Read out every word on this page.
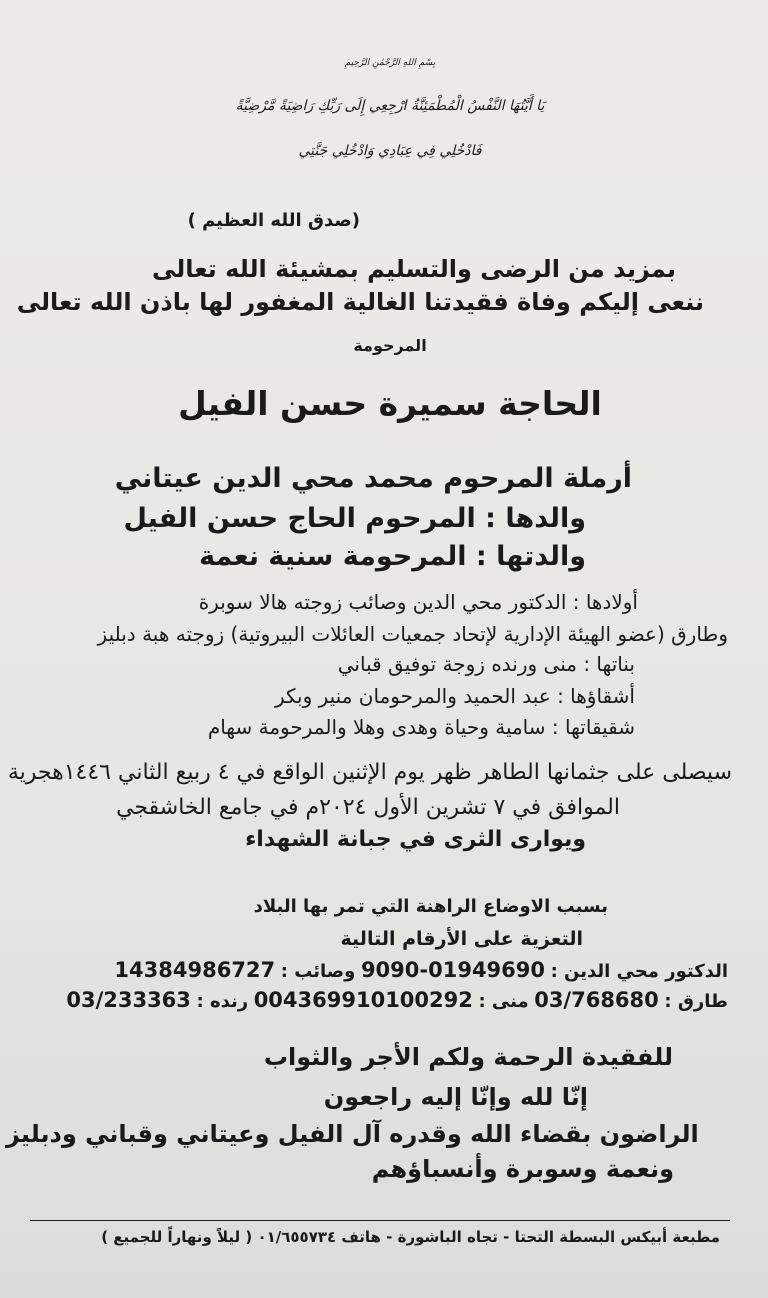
بِسْمِ اللهِ الرَّحْمٰنِ الرَّحِيمِ
يَا أَيَّتُهَا النَّفْسُ الْمُطْمَئِنَّةُ ارْجِعِي إِلَى رَبِّكِ رَاضِيَةً مَّرْضِيَّةً
فَادْخُلِي فِي عِبَادِي وَادْخُلِي جَنَّتِي
(صدق الله العظيم )
بمزيد من الرضى والتسليم بمشيئة الله تعالى
ننعى إليكم وفاة فقيدتنا الغالية المغفور لها باذن الله تعالى
المرحومة
الحاجة سميرة حسن الفيل
أرملة المرحوم محمد محي الدين عيتاني
والدها : المرحوم الحاج حسن الفيل
والدتها : المرحومة سنية نعمة
أولادها : الدكتور محي الدين وصائب زوجته هالا سوبرة
وطارق (عضو الهيئة الإدارية لإتحاد جمعيات العائلات البيروتية) زوجته هبة دبليز
بناتها : منى ورنده زوجة توفيق قباني
أشقاؤها : عبد الحميد والمرحومان منير وبكر
شقيقاتها : سامية وحياة وهدى وهلا والمرحومة سهام
سيصلى على جثمانها الطاهر ظهر يوم الإثنين الواقع في ٤ ربيع الثاني ١٤٤٦هجرية
الموافق في ٧ تشرين الأول ٢٠٢٤م في جامع الخاشقجي
ويوارى الثرى في جبانة الشهداء
بسبب الاوضاع الراهنة التي تمر بها البلاد
التعزية على الأرقام التالية
الدكتور محي الدين : 01949690-9090 وصائب : 14384986727
طارق : 03/768680 منى : 004369910100292 رنده : 03/233363
للفقيدة الرحمة ولكم الأجر والثواب
إنّا لله وإنّا إليه راجعون
الراضون بقضاء الله وقدره آل الفيل وعيتاني وقباني ودبليز
ونعمة وسوبرة وأنسباؤهم
مطبعة أبيكس البسطة التحتا - تجاه الباشورة - هاتف ٠١/٦٥٥٧٣٤ ( ليلاً ونهاراً للجميع )
